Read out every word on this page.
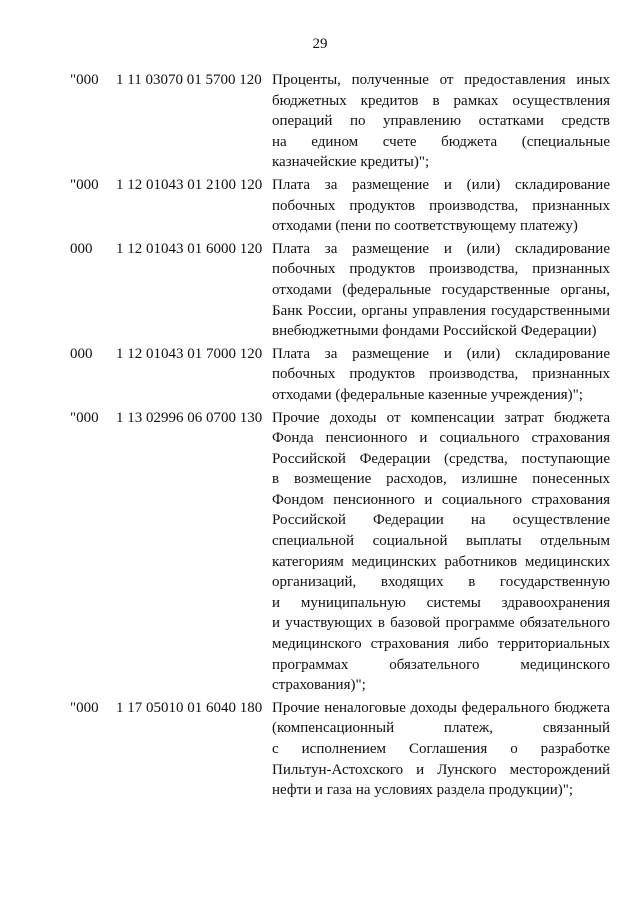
29
"000 1 11 03070 01 5700 120 Проценты, полученные от предоставления иных
бюджетных кредитов в рамках осуществления
операций по управлению остатками средств
на едином счете бюджета (специальные
казначейские кредиты)";
"000 1 12 01043 01 2100 120 Плата за размещение и (или) складирование
побочных продуктов производства, признанных
отходами (пени по соответствующему платежу)
000 1 12 01043 01 6000 120 Плата за размещение и (или) складирование
побочных продуктов производства, признанных
отходами (федеральные государственные органы,
Банк России, органы управления государственными
внебюджетными фондами Российской Федерации)
000 1 12 01043 01 7000 120 Плата за размещение и (или) складирование
побочных продуктов производства, признанных
отходами (федеральные казенные учреждения)";
"000 1 13 02996 06 0700 130 Прочие доходы от компенсации затрат бюджета
Фонда пенсионного и социального страхования
Российской Федерации (средства, поступающие
в возмещение расходов, излишне понесенных
Фондом пенсионного и социального страхования
Российской Федерации на осуществление
специальной социальной выплаты отдельным
категориям медицинских работников медицинских
организаций, входящих в государственную
и муниципальную системы здравоохранения
и участвующих в базовой программе обязательного
медицинского страхования либо территориальных
программах обязательного медицинского
страхования)";
"000 1 17 05010 01 6040 180 Прочие неналоговые доходы федерального бюджета
(компенсационный платеж, связанный
с исполнением Соглашения о разработке
Пильтун-Астохского и Лунского месторождений
нефти и газа на условиях раздела продукции)";
